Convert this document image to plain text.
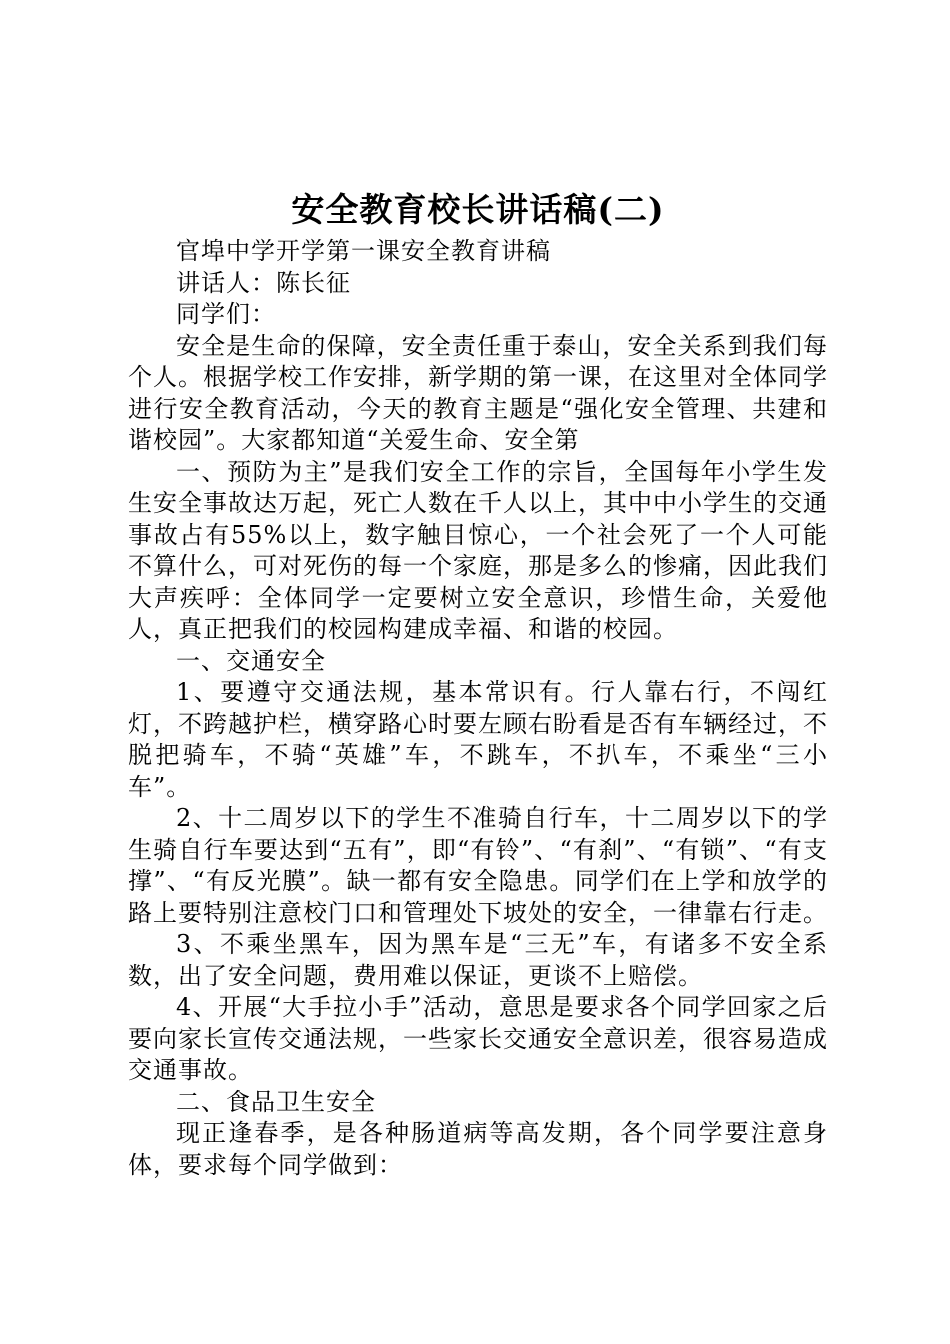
安全教育校长讲话稿(二)

官埠中学开学第一课安全教育讲稿

讲话人：陈长征

同学们：

安全是生命的保障，安全责任重于泰山，安全关系到我们每个人。根据学校工作安排，新学期的第一课，在这里对全体同学进行安全教育活动，今天的教育主题是“强化安全管理、共建和谐校园”。大家都知道“关爱生命、安全第

一、预防为主”是我们安全工作的宗旨，全国每年小学生发生安全事故达万起，死亡人数在千人以上，其中中小学生的交通事故占有55%以上，数字触目惊心，一个社会死了一个人可能不算什么，可对死伤的每一个家庭，那是多么的惨痛，因此我们大声疾呼：全体同学一定要树立安全意识，珍惜生命，关爱他人，真正把我们的校园构建成幸福、和谐的校园。

一、交通安全

1、要遵守交通法规，基本常识有。行人靠右行，不闯红灯，不跨越护栏，横穿路心时要左顾右盼看是否有车辆经过，不脱把骑车，不骑“英雄”车，不跳车，不扒车，不乘坐“三小车”。

2、十二周岁以下的学生不准骑自行车，十二周岁以下的学生骑自行车要达到“五有”，即“有铃”、“有刹”、“有锁”、“有支撑”、“有反光膜”。缺一都有安全隐患。同学们在上学和放学的路上要特别注意校门口和管理处下坡处的安全，一律靠右行走。

3、不乘坐黑车，因为黑车是“三无”车，有诸多不安全系数，出了安全问题，费用难以保证，更谈不上赔偿。

4、开展“大手拉小手”活动，意思是要求各个同学回家之后要向家长宣传交通法规，一些家长交通安全意识差，很容易造成交通事故。

二、食品卫生安全

现正逢春季，是各种肠道病等高发期，各个同学要注意身体，要求每个同学做到：
